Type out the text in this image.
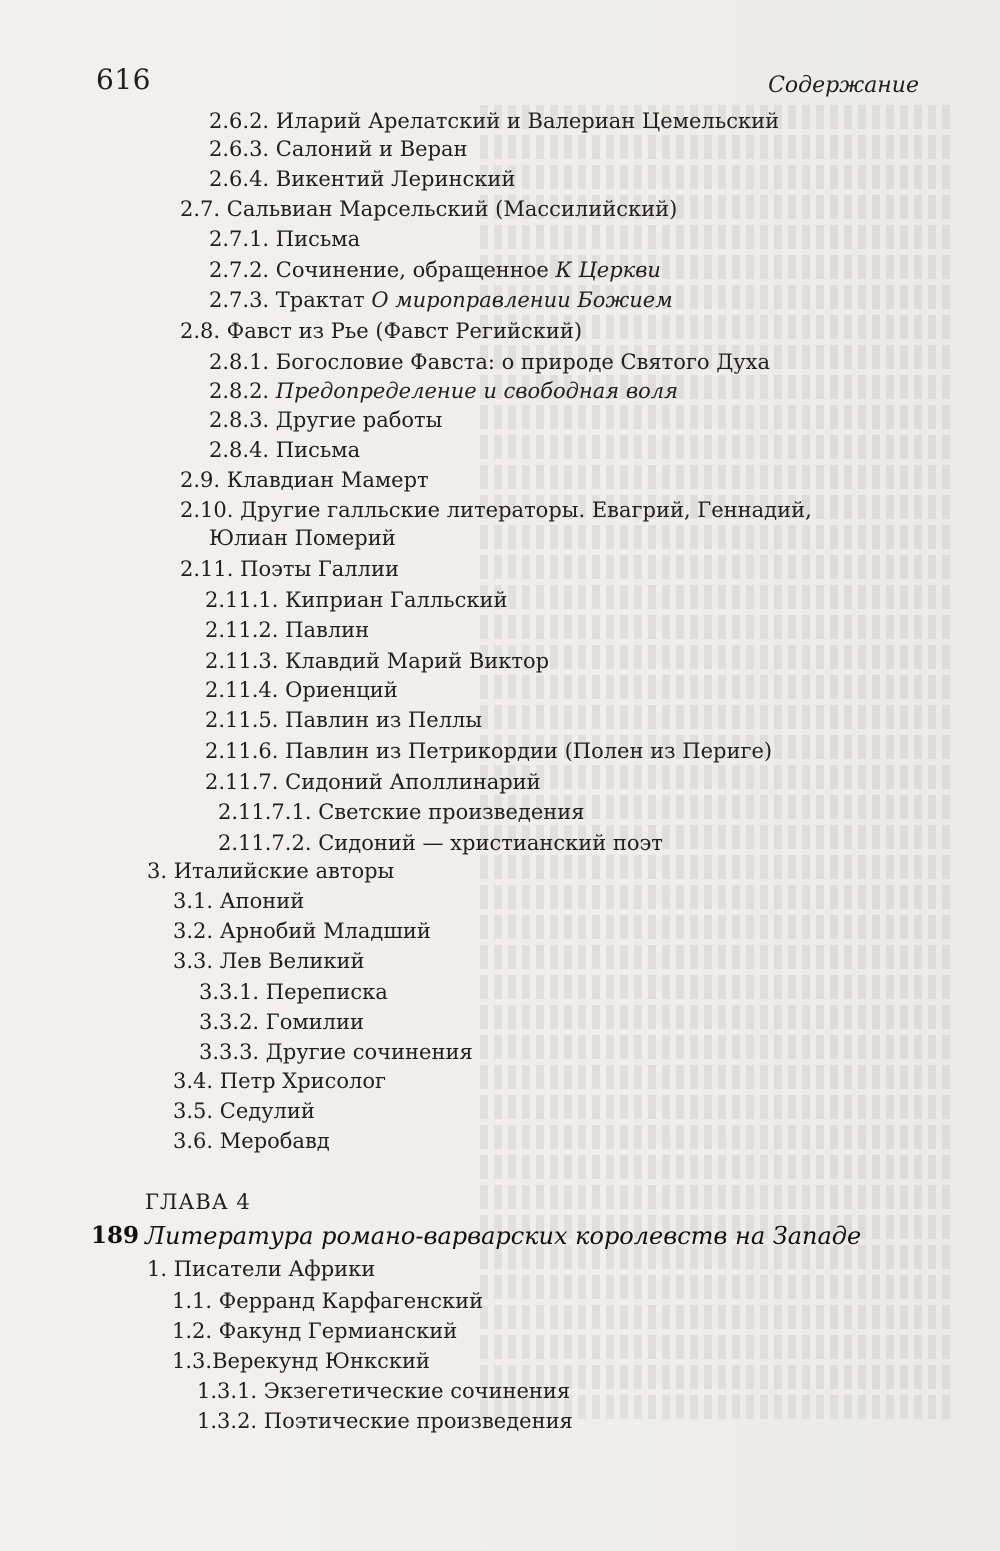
616	Содержание
2.6.2. Иларий Арелатский и Валериан Цемельский
2.6.3. Салоний и Веран
2.6.4. Викентий Леринский
2.7. Сальвиан Марсельский (Массилийский)
2.7.1. Письма
2.7.2. Сочинение, обращенное К Церкви
2.7.3. Трактат О мироправлении Божием
2.8. Фавст из Рье (Фавст Регийский)
2.8.1. Богословие Фавста: о природе Святого Духа
2.8.2. Предопределение и свободная воля
2.8.3. Другие работы
2.8.4. Письма
2.9. Клавдиан Мамерт
2.10. Другие галльские литераторы. Евагрий, Геннадий,
Юлиан Померий
2.11. Поэты Галлии
2.11.1. Киприан Галльский
2.11.2. Павлин
2.11.3. Клавдий Марий Виктор
2.11.4. Ориенций
2.11.5. Павлин из Пеллы
2.11.6. Павлин из Петрикордии (Полен из Перигe)
2.11.7. Сидоний Аполлинарий
2.11.7.1. Светские произведения
2.11.7.2. Сидоний — христианский поэт
3. Италийские авторы
3.1. Апоний
3.2. Арнобий Младший
3.3. Лев Великий
3.3.1. Переписка
3.3.2. Гомилии
3.3.3. Другие сочинения
3.4. Петр Хрисолог
3.5. Седулий
3.6. Меробавд
ГЛАВА 4
189 Литература романо-варварских королевств на Западе
1. Писатели Африки
1.1. Ферранд Карфагенский
1.2. Факунд Гермианский
1.3.Верекунд Юнкский
1.3.1. Экзегетические сочинения
1.3.2. Поэтические произведения
